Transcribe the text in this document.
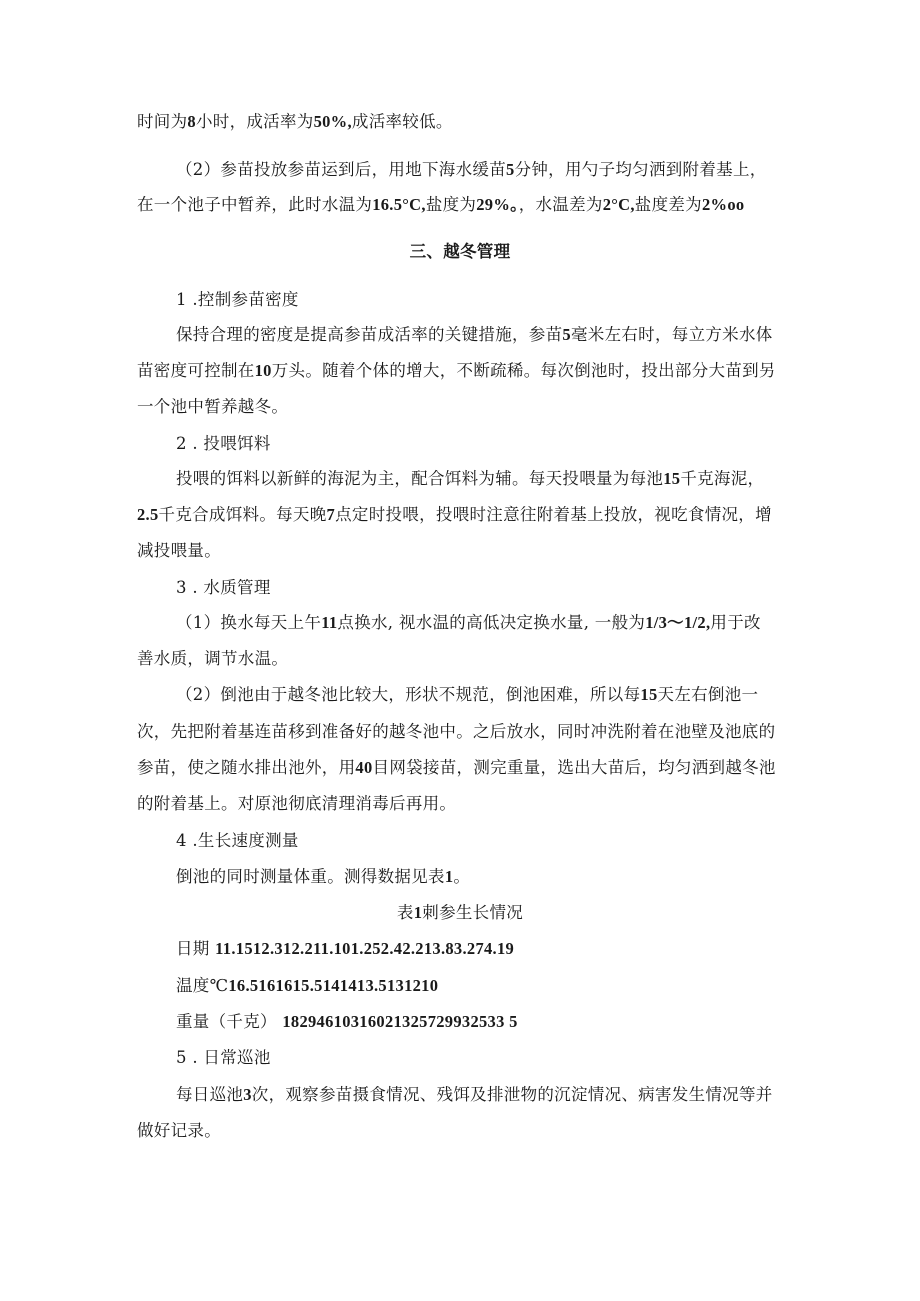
时间为8小时，成活率为50%,成活率较低。
（2）参苗投放参苗运到后，用地下海水缓苗5分钟，用勺子均匀洒到附着基上，
在一个池子中暂养，此时水温为16.5°C,盐度为29%。，水温差为2°C,盐度差为2%oo
三、越冬管理
1 .控制参苗密度
保持合理的密度是提高参苗成活率的关键措施，参苗5毫米左右时，每立方米水体
苗密度可控制在10万头。随着个体的增大，不断疏稀。每次倒池时，投出部分大苗到另
一个池中暂养越冬。
2 . 投喂饵料
投喂的饵料以新鲜的海泥为主，配合饵料为辅。每天投喂量为每池15千克海泥，
2.5千克合成饵料。每天晚7点定时投喂，投喂时注意往附着基上投放，视吃食情况，增
减投喂量。
3 . 水质管理
（1）换水每天上午11点换水, 视水温的高低决定换水量, 一般为1/3～1/2,用于改
善水质，调节水温。
（2）倒池由于越冬池比较大，形状不规范，倒池困难，所以每15天左右倒池一
次，先把附着基连苗移到准备好的越冬池中。之后放水，同时冲洗附着在池壁及池底的
参苗，使之随水排出池外，用40目网袋接苗，测完重量，选出大苗后，均匀洒到越冬池
的附着基上。对原池彻底清理消毒后再用。
4 .生长速度测量
倒池的同时测量体重。测得数据见表1。
表1刺参生长情况
日期 11.1512.312.211.101.252.42.213.83.274.19
温度℃16.5161615.5141413.5131210
重量（千克） 18294610316021325729932533 5
5 . 日常巡池
每日巡池3次，观察参苗摄食情况、残饵及排泄物的沉淀情况、病害发生情况等并
做好记录。
